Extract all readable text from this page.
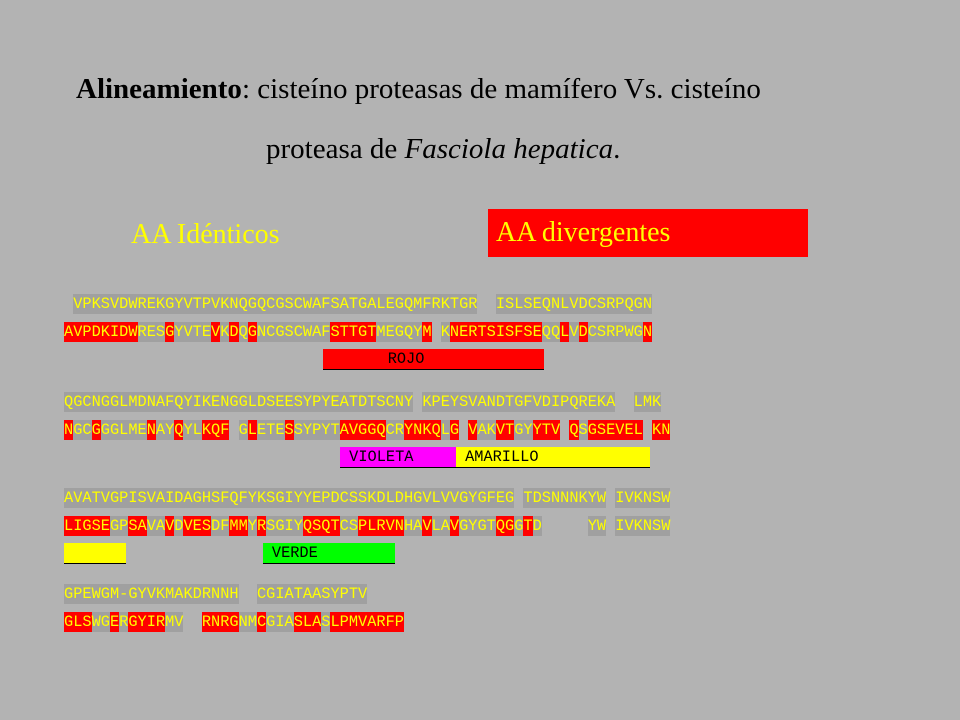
Alineamiento: cisteíno proteasas de mamífero Vs. cisteíno
proteasa de Fasciola hepatica.
AA Idénticos	AA divergentes
VPKSVDWREKGYVTPVKNQGQCGSCWAFSATGALEGQMFRKTGR ISLSEQNLVDCSRPQGN
AVPDKIDWRESGYVTEVKDQGNCGSCWAFSTTGTMEGQYM KNERTSISFSEQQLVDCSRPWGN
ROJO
QGCNGGLMDNAFQYIKENGGLDSEESYPYEATDTSCNY KPEYSVANDTGFVDIPQREKA LMK
NGCGGGLMENAYQYLKQF GLETESSYPYTAVGGQCRYNKQLG VAKVTGYYTV QSGSEVEL KN
VIOLETA	AMARILLO
AVATVGPISVAIDAGHSFQFYKSGIYYEPDCSSKDLDHGVLVVGYGFEG TDSNNNKYW IVKNSW
LIGSEGPSAVAVDVESDFMMYRSGIYQSQTCSPLRVNHAVLAVGYGTQGGTD	YW IVKNSW
VERDE
GPEWGM-GYVKMAKDRNNH CGIATAASYPTV
GLSWGERGYIRMV RNRGNMCGIASLASLPMVARFP
